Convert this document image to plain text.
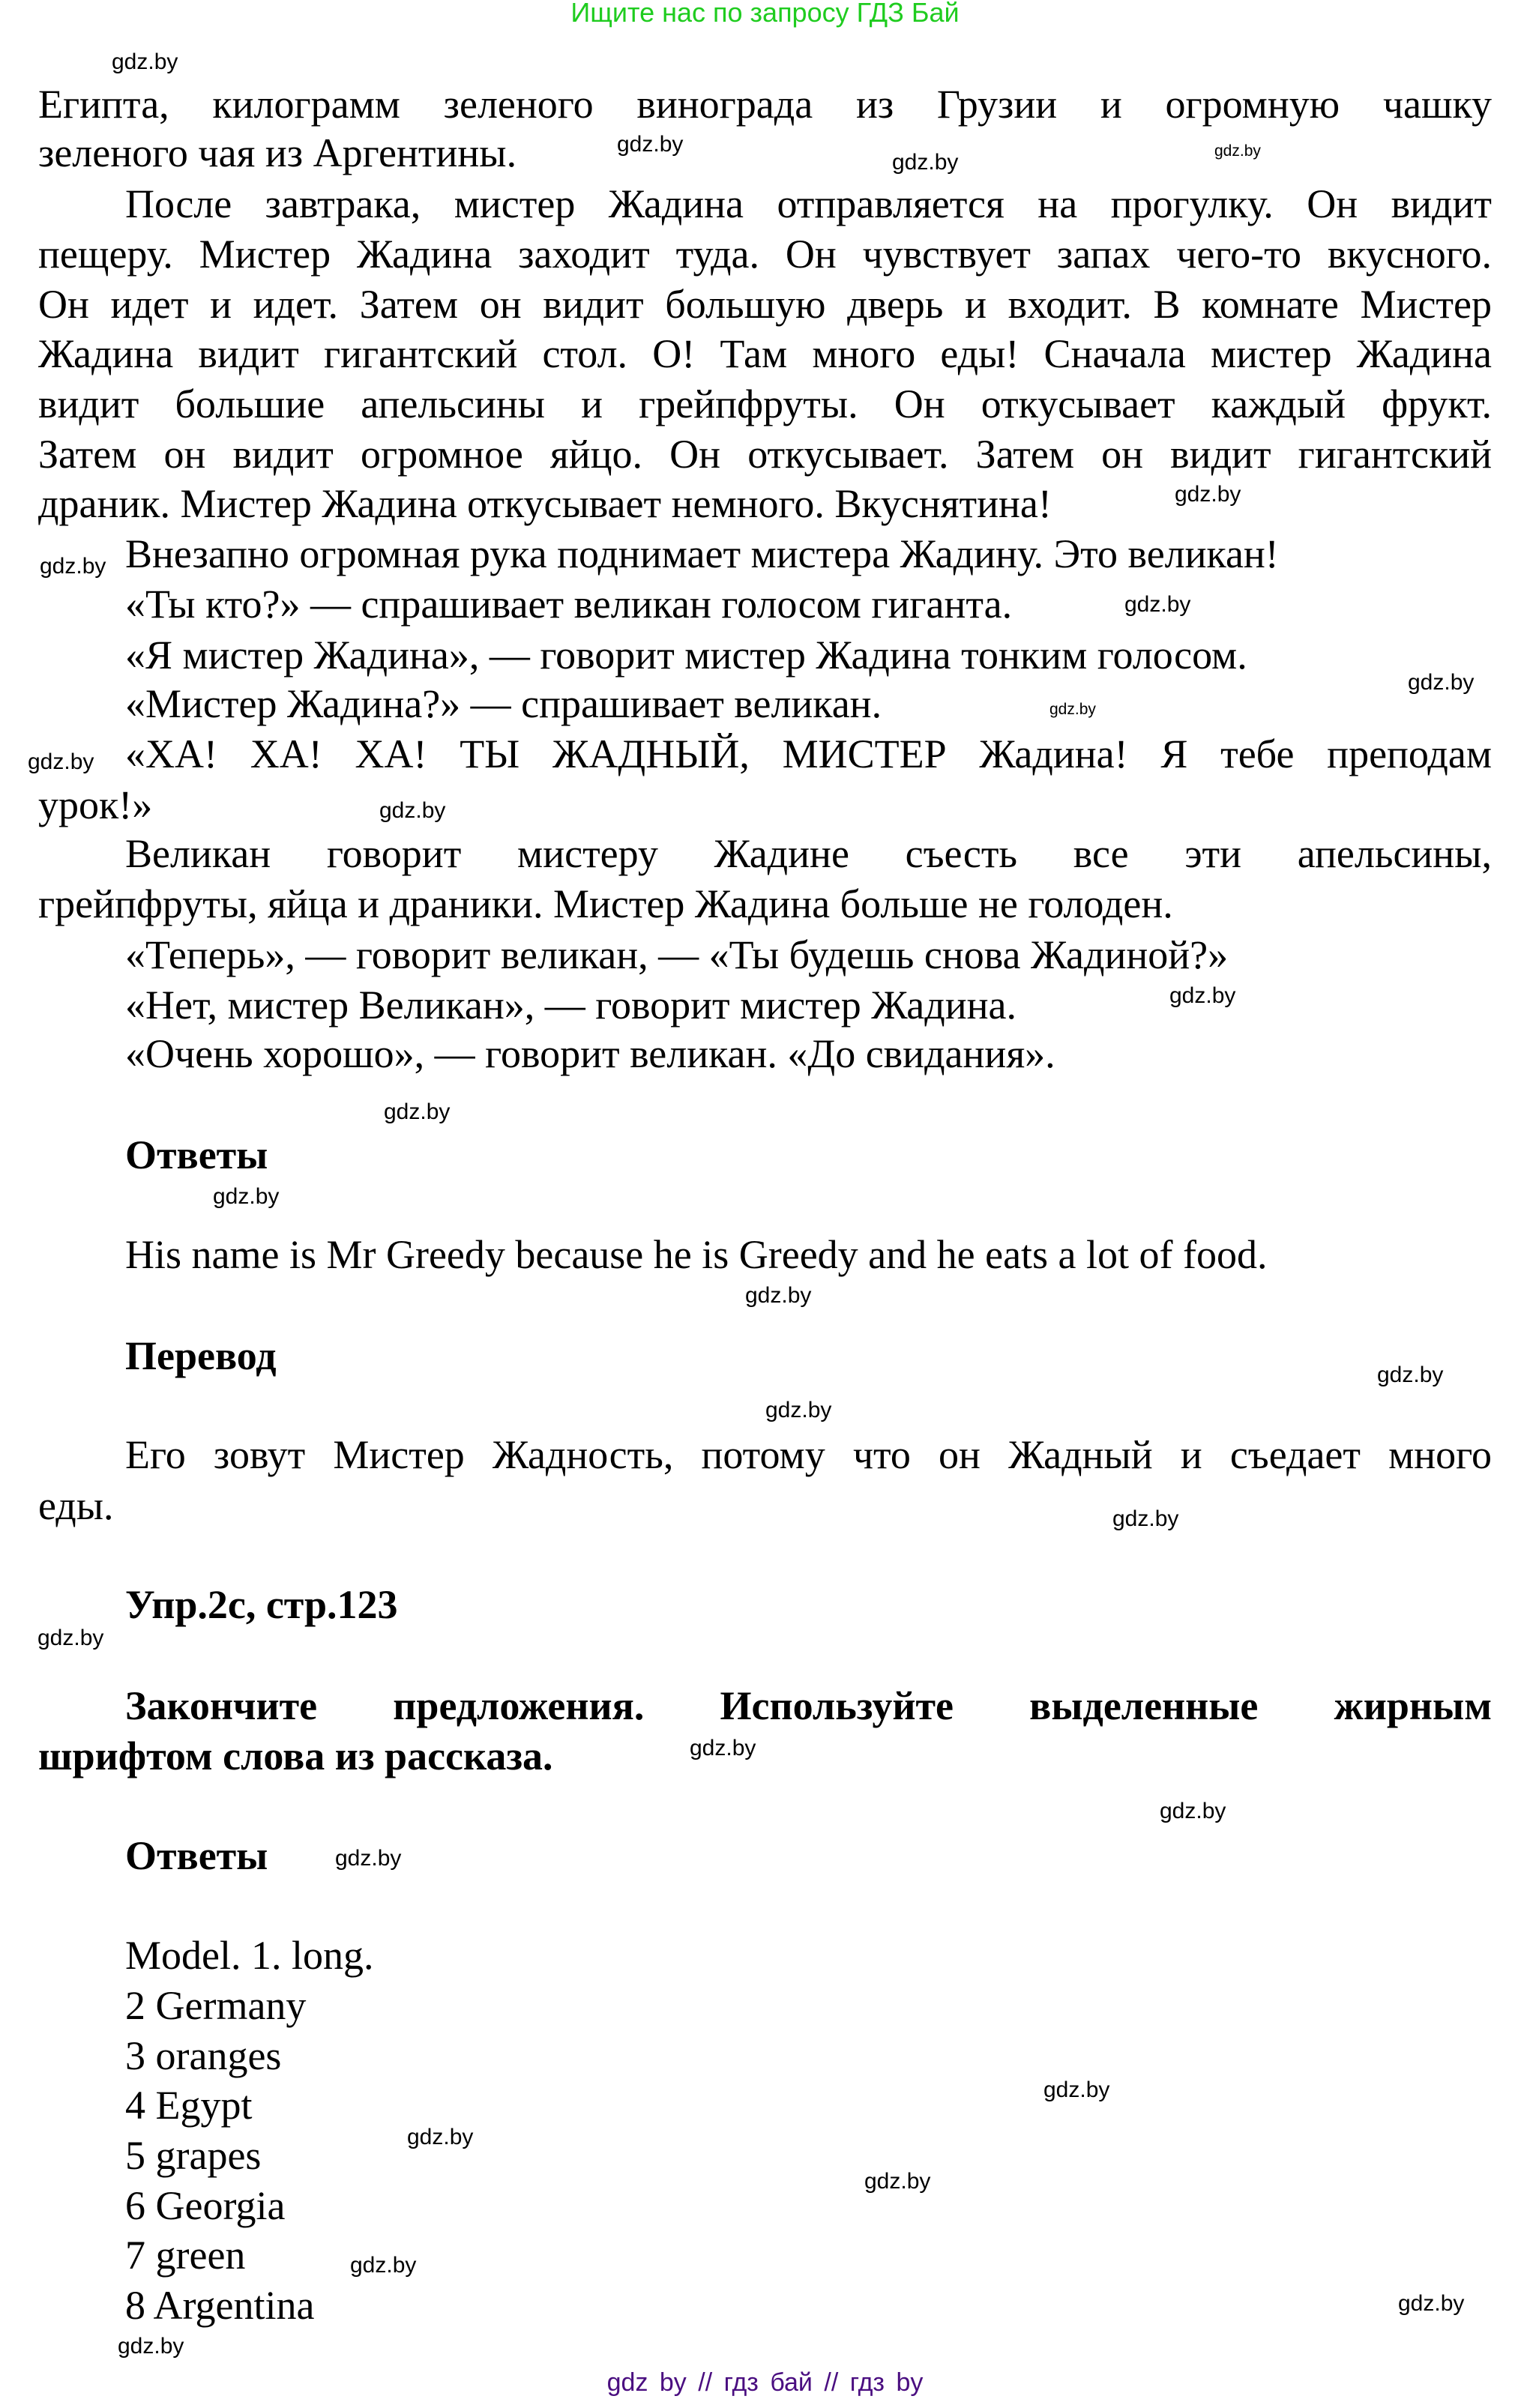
Ищите нас по запросу ГДЗ Бай
Египта, килограмм зеленого винограда из Грузии и огромную чашку
зеленого чая из Аргентины.
После завтрака, мистер Жадина отправляется на прогулку. Он видит
пещеру. Мистер Жадина заходит туда. Он чувствует запах чего-то вкусного.
Он идет и идет. Затем он видит большую дверь и входит. В комнате Мистер
Жадина видит гигантский стол. О! Там много еды! Сначала мистер Жадина
видит большие апельсины и грейпфруты. Он откусывает каждый фрукт.
Затем он видит огромное яйцо. Он откусывает. Затем он видит гигантский
драник. Мистер Жадина откусывает немного. Вкуснятина!
Внезапно огромная рука поднимает мистера Жадину. Это великан!
«Ты кто?» — спрашивает великан голосом гиганта.
«Я мистер Жадина», — говорит мистер Жадина тонким голосом.
«Мистер Жадина?» — спрашивает великан.
«ХА! ХА! ХА! ТЫ ЖАДНЫЙ, МИСТЕР Жадина! Я тебе преподам
урок!»
Великан говорит мистеру Жадине съесть все эти апельсины,
грейпфруты, яйца и драники. Мистер Жадина больше не голоден.
«Теперь», — говорит великан, — «Ты будешь снова Жадиной?»
«Нет, мистер Великан», — говорит мистер Жадина.
«Очень хорошо», — говорит великан. «До свидания».
Ответы
His name is Mr Greedy because he is Greedy and he eats a lot of food.
Перевод
Его зовут Мистер Жадность, потому что он Жадный и съедает много
еды.
Упр.2с, стр.123
Закончите предложения. Используйте выделенные жирным
шрифтом слова из рассказа.
Ответы
Model. 1. long.
2 Germany
3 oranges
4 Egypt
5 grapes
6 Georgia
7 green
8 Argentina
gdz.by
gdz.by
gdz.by	gdz.by
gdz.by
gdz.by
gdz.by
gdz.by
gdz.by
gdz.by
gdz.by
gdz.by
gdz.by
gdz.by
gdz.by
gdz.by
gdz.by
gdz.by
gdz.by
gdz.by
gdz.by
gdz.by
gdz.by
gdz.by
gdz.by
gdz.by
gdz.by
gdz.by
gdz by // гдз бай // гдз by
